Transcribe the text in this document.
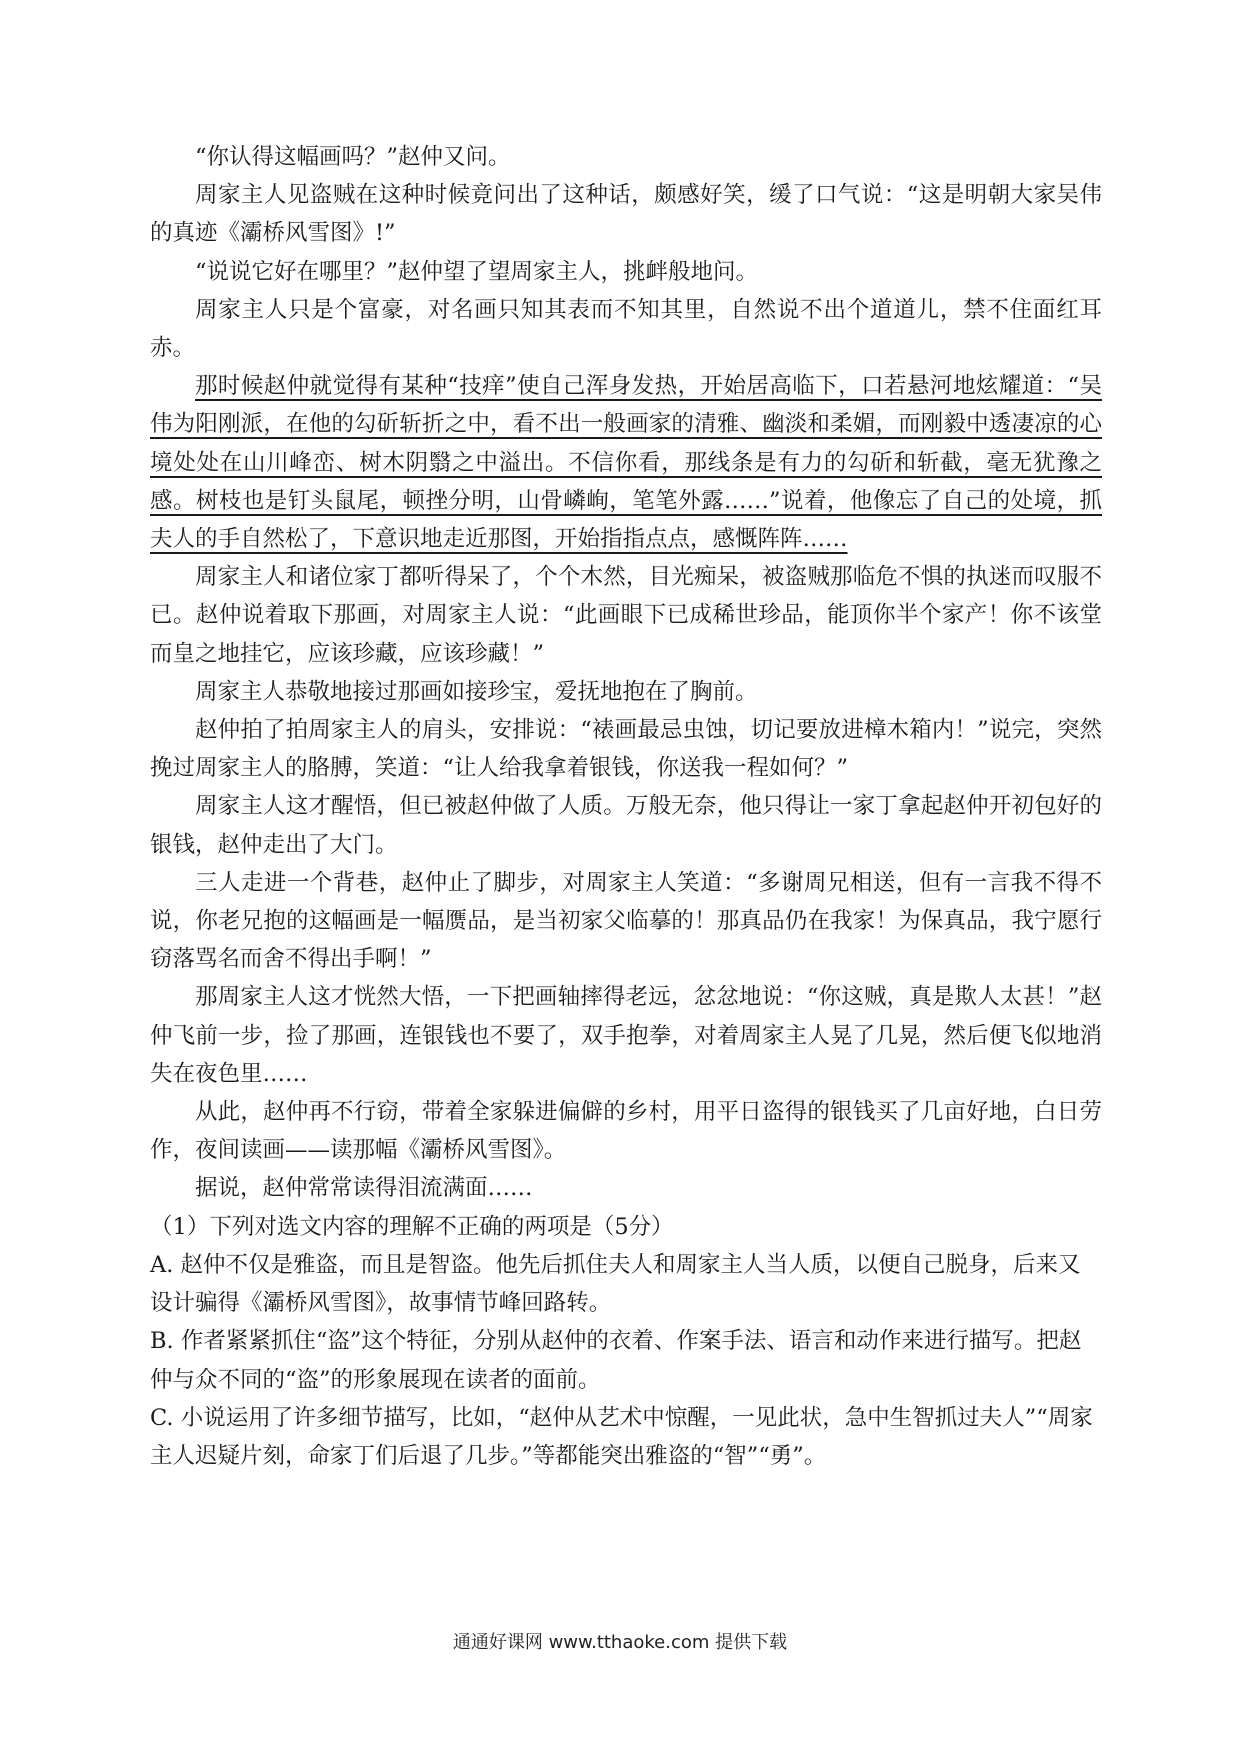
“你认得这幅画吗？”赵仲又问。

周家主人见盗贼在这种时候竟问出了这种话，颇感好笑，缓了口气说：“这是明朝大家吴伟的真迹《灞桥风雪图》!”

“说说它好在哪里？”赵仲望了望周家主人，挑衅般地问。

周家主人只是个富豪，对名画只知其表而不知其里，自然说不出个道道儿，禁不住面红耳赤。

那时候赵仲就觉得有某种“技痒”使自己浑身发热，开始居高临下，口若悬河地炫耀道：“吴伟为阳刚派，在他的勾斫斩折之中，看不出一般画家的清雅、幽淡和柔媚，而刚毅中透凄凉的心境处处在山川峰峦、树木阴翳之中溢出。不信你看，那线条是有力的勾斫和斩截，毫无犹豫之感。树枝也是钉头鼠尾，顿挫分明，山骨嶙峋，笔笔外露……”说着，他像忘了自己的处境，抓夫人的手自然松了，下意识地走近那图，开始指指点点，感慨阵阵……

周家主人和诸位家丁都听得呆了，个个木然，目光痴呆，被盗贼那临危不惧的执迷而叹服不已。赵仲说着取下那画，对周家主人说：“此画眼下已成稀世珍品，能顶你半个家产！你不该堂而皇之地挂它，应该珍藏，应该珍藏！”

周家主人恭敬地接过那画如接珍宝，爱抚地抱在了胸前。

赵仲拍了拍周家主人的肩头，安排说：“裱画最忌虫蚀，切记要放进樟木箱内！”说完，突然挽过周家主人的胳膊，笑道：“让人给我拿着银钱，你送我一程如何？”

周家主人这才醒悟，但已被赵仲做了人质。万般无奈，他只得让一家丁拿起赵仲开初包好的银钱，赵仲走出了大门。

三人走进一个背巷，赵仲止了脚步，对周家主人笑道：“多谢周兄相送，但有一言我不得不说，你老兄抱的这幅画是一幅赝品，是当初家父临摹的！那真品仍在我家！为保真品，我宁愿行窃落骂名而舍不得出手啊！”

那周家主人这才恍然大悟，一下把画轴摔得老远，忿忿地说：“你这贼，真是欺人太甚！”赵仲飞前一步，捡了那画，连银钱也不要了，双手抱拳，对着周家主人晃了几晃，然后便飞似地消失在夜色里……

从此，赵仲再不行窃，带着全家躲进偏僻的乡村，用平日盗得的银钱买了几亩好地，白日劳作，夜间读画——读那幅《灞桥风雪图》。

据说，赵仲常常读得泪流满面……

（1）下列对选文内容的理解不正确的两项是（5分）

A. 赵仲不仅是雅盗，而且是智盗。他先后抓住夫人和周家主人当人质，以便自己脱身，后来又设计骗得《灞桥风雪图》，故事情节峰回路转。

B. 作者紧紧抓住“盗”这个特征，分别从赵仲的衣着、作案手法、语言和动作来进行描写。把赵仲与众不同的“盗”的形象展现在读者的面前。

C. 小说运用了许多细节描写，比如，“赵仲从艺术中惊醒，一见此状，急中生智抓过夫人”“周家主人迟疑片刻，命家丁们后退了几步。”等都能突出雅盗的“智”“勇”。

通通好课网 www.tthaoke.com 提供下载
